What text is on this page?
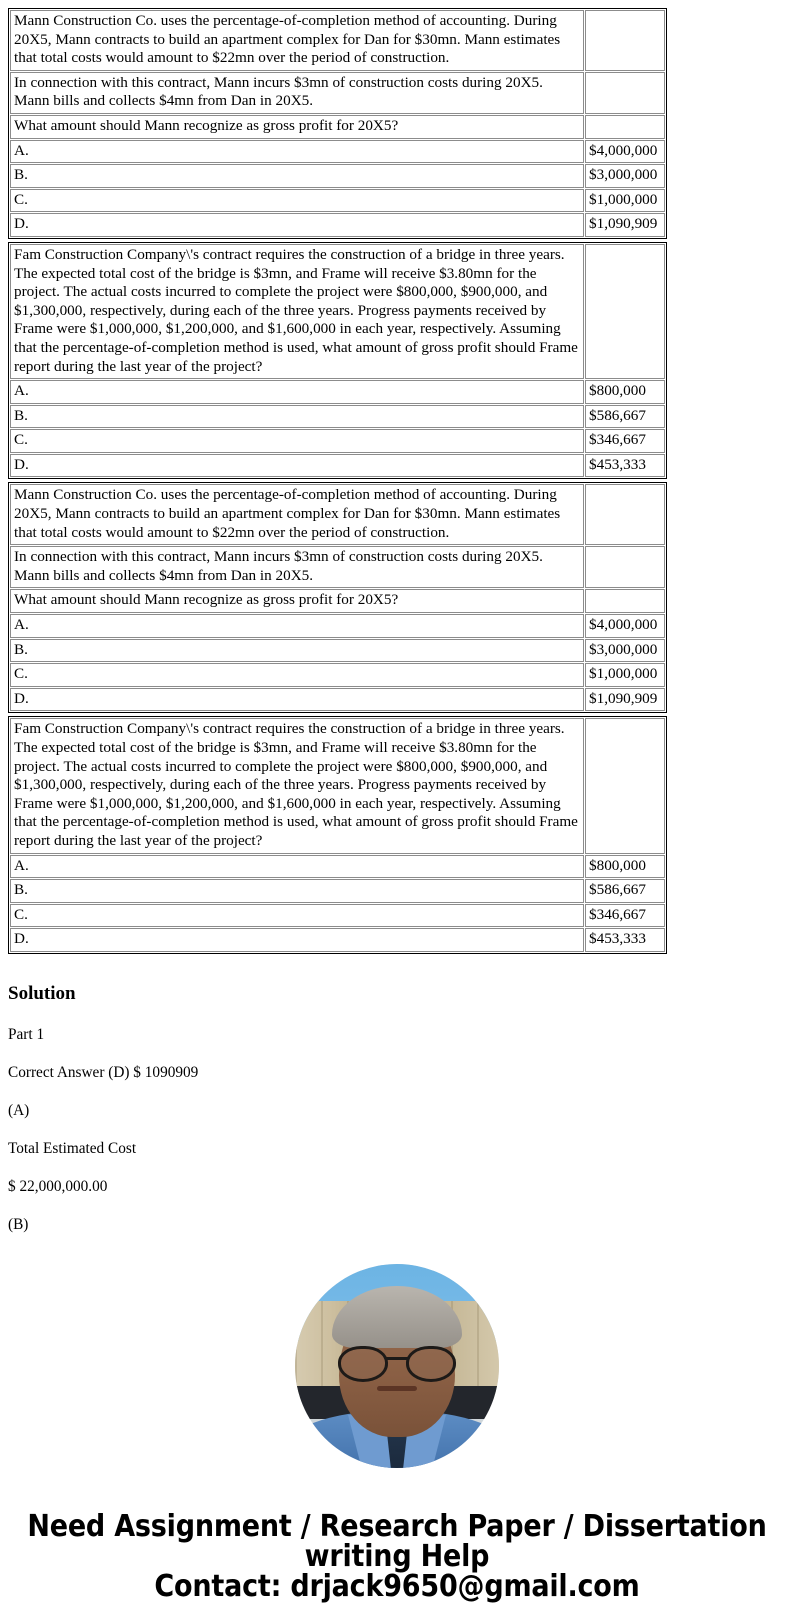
Mann Construction Co. uses the percentage-of-completion method of accounting. During 20X5, Mann contracts to build an apartment complex for Dan for $30mn. Mann estimates that total costs would amount to $22mn over the period of construction.	
In connection with this contract, Mann incurs $3mn of construction costs during 20X5. Mann bills and collects $4mn from Dan in 20X5.	
What amount should Mann recognize as gross profit for 20X5?	
A.	$4,000,000
B.	$3,000,000
C.	$1,000,000
D.	$1,090,909
Fam Construction Company\'s contract requires the construction of a bridge in three years. The expected total cost of the bridge is $3mn, and Frame will receive $3.80mn for the project. The actual costs incurred to complete the project were $800,000, $900,000, and $1,300,000, respectively, during each of the three years. Progress payments received by Frame were $1,000,000, $1,200,000, and $1,600,000 in each year, respectively. Assuming that the percentage-of-completion method is used, what amount of gross profit should Frame report during the last year of the project?	
A.	$800,000
B.	$586,667
C.	$346,667
D.	$453,333
Mann Construction Co. uses the percentage-of-completion method of accounting. During 20X5, Mann contracts to build an apartment complex for Dan for $30mn. Mann estimates that total costs would amount to $22mn over the period of construction.	
In connection with this contract, Mann incurs $3mn of construction costs during 20X5. Mann bills and collects $4mn from Dan in 20X5.	
What amount should Mann recognize as gross profit for 20X5?	
A.	$4,000,000
B.	$3,000,000
C.	$1,000,000
D.	$1,090,909
Fam Construction Company\'s contract requires the construction of a bridge in three years. The expected total cost of the bridge is $3mn, and Frame will receive $3.80mn for the project. The actual costs incurred to complete the project were $800,000, $900,000, and $1,300,000, respectively, during each of the three years. Progress payments received by Frame were $1,000,000, $1,200,000, and $1,600,000 in each year, respectively. Assuming that the percentage-of-completion method is used, what amount of gross profit should Frame report during the last year of the project?	
A.	$800,000
B.	$586,667
C.	$346,667
D.	$453,333
Solution

Part 1

Correct Answer (D) $ 1090909

(A)

Total Estimated Cost

$ 22,000,000.00

(B)

Need Assignment / Research Paper / Dissertation
writing Help
Contact: drjack9650@gmail.com
